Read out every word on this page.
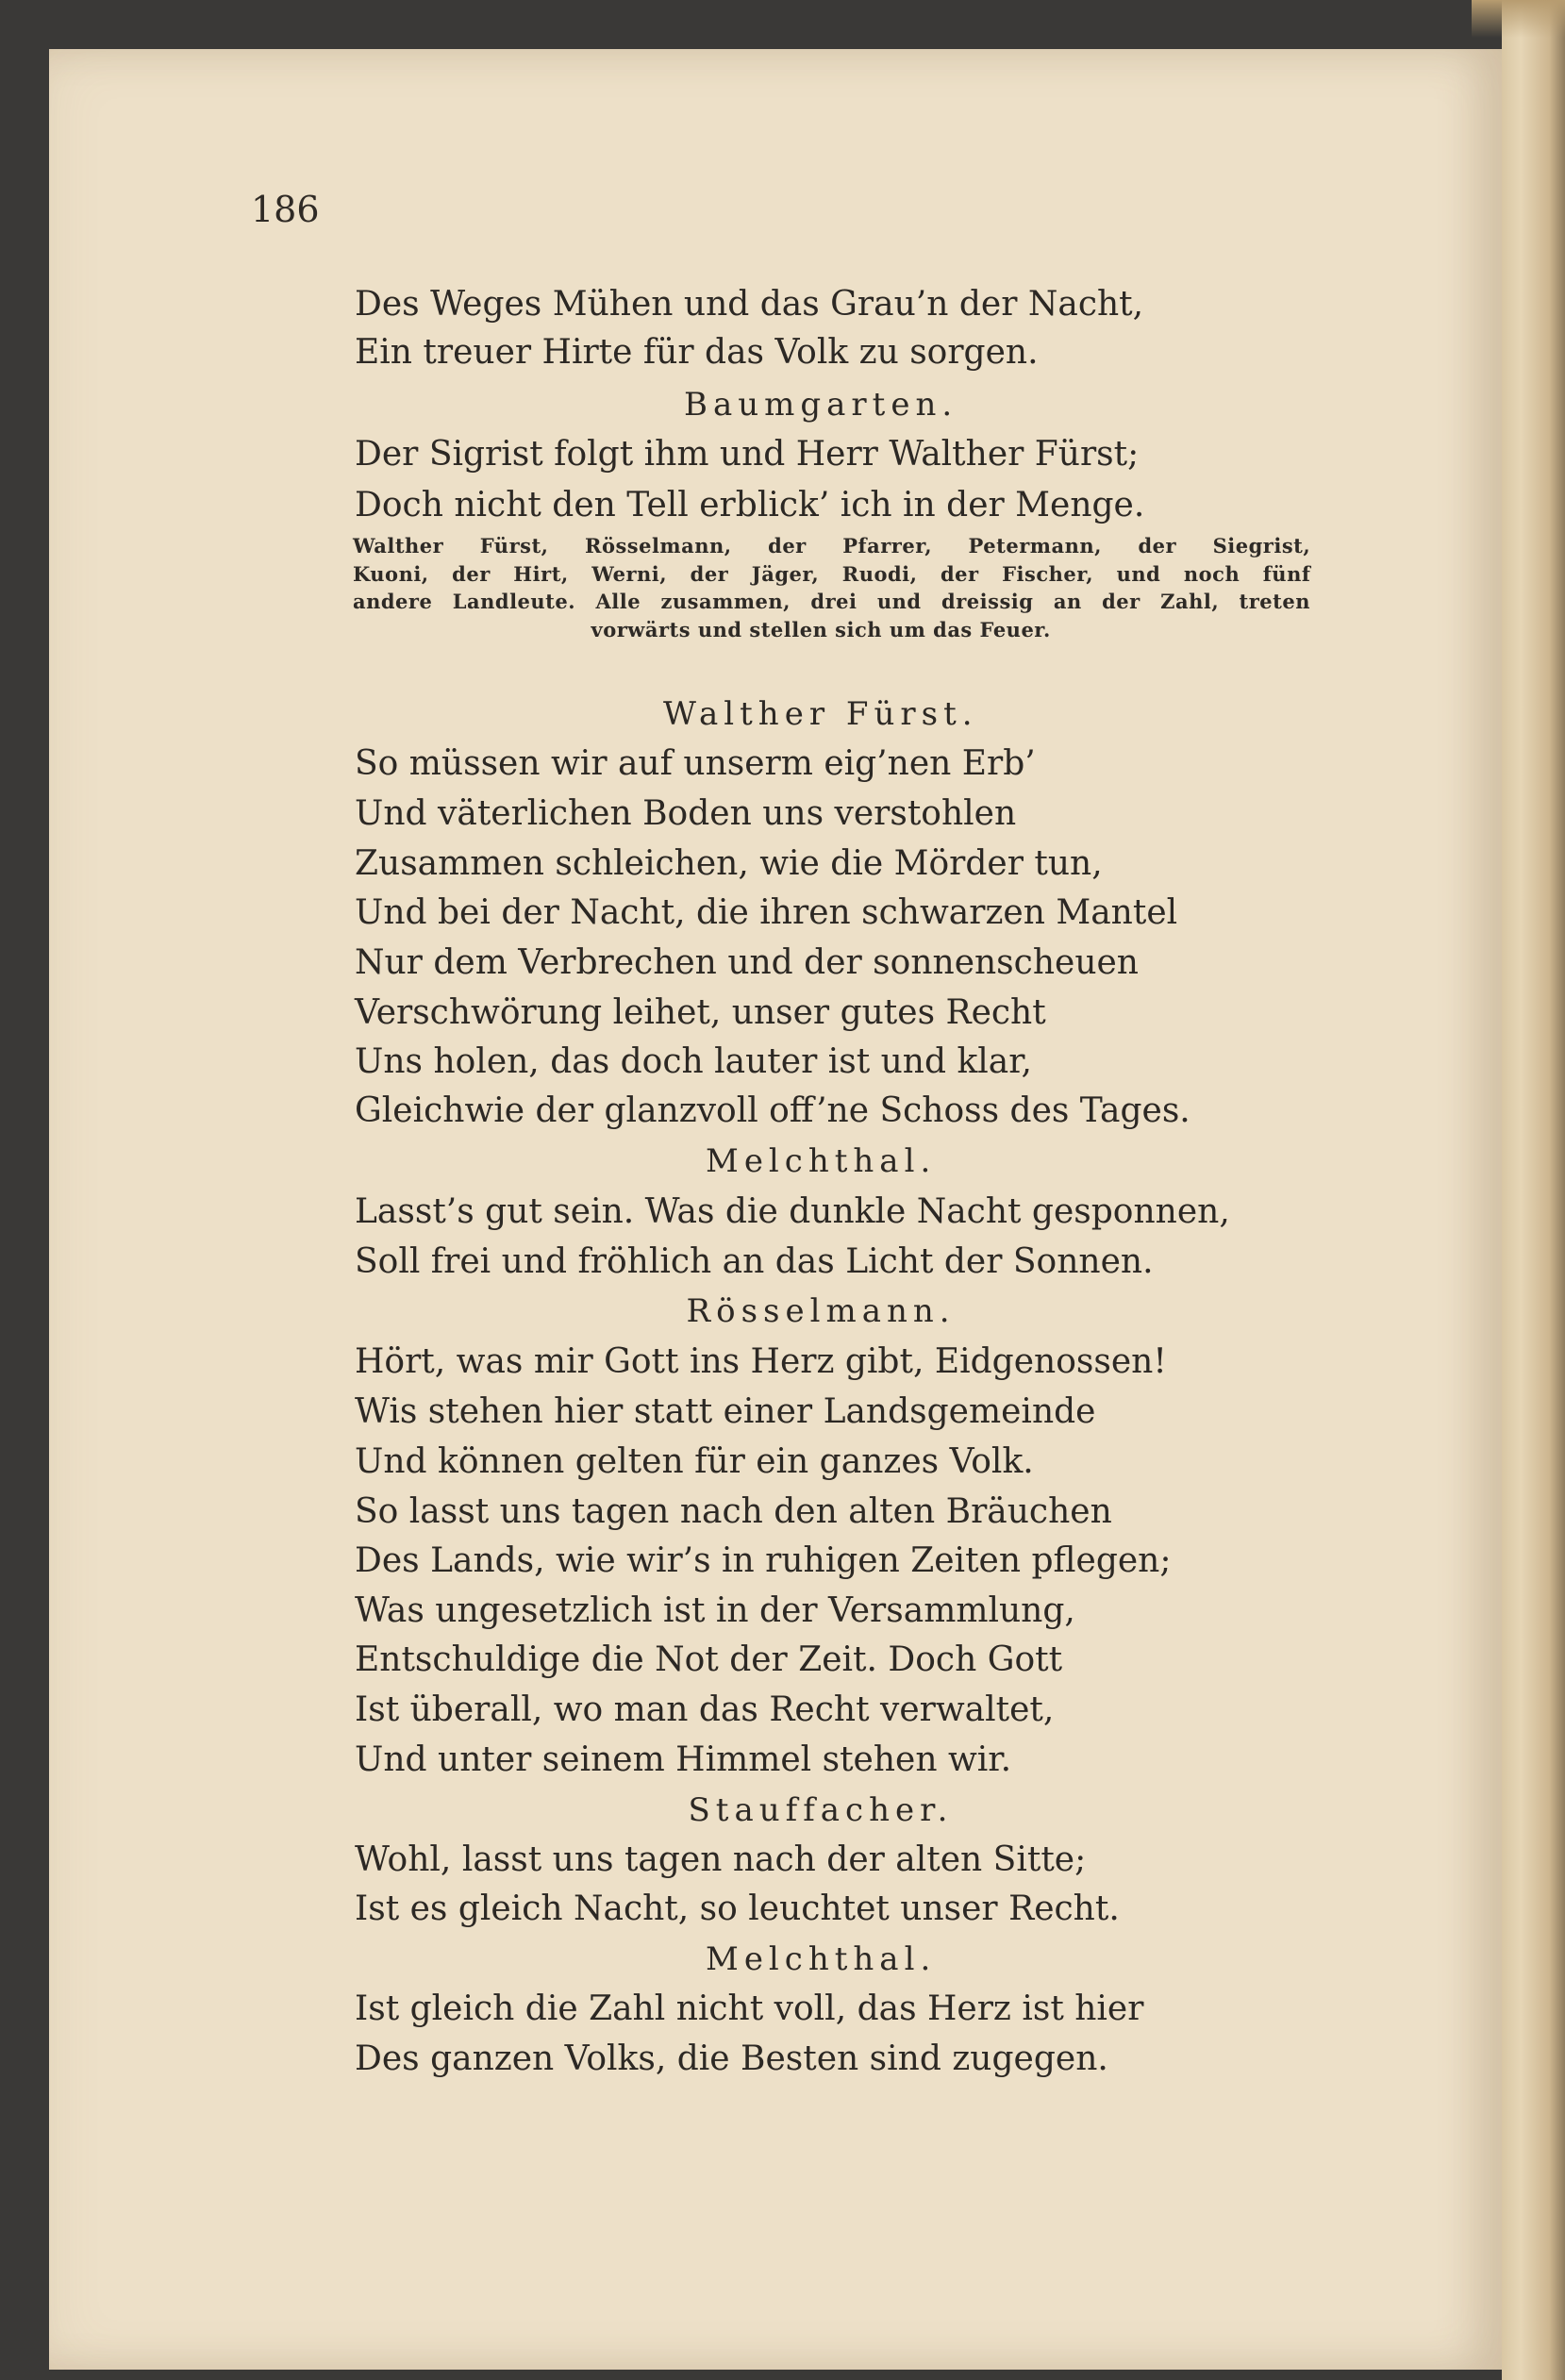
186
Des Weges Mühen und das Grau’n der Nacht,
Ein treuer Hirte für das Volk zu sorgen.
Baumgarten.
Der Sigrist folgt ihm und Herr Walther Fürst;
Doch nicht den Tell erblick’ ich in der Menge.
Walther Fürst, Rösselmann, der Pfarrer, Petermann, der Siegrist,
Kuoni, der Hirt, Werni, der Jäger, Ruodi, der Fischer, und noch fünf
andere Landleute. Alle zusammen, drei und dreissig an der Zahl, treten
vorwärts und stellen sich um das Feuer.
Walther Fürst.
So müssen wir auf unserm eig’nen Erb’
Und väterlichen Boden uns verstohlen
Zusammen schleichen, wie die Mörder tun,
Und bei der Nacht, die ihren schwarzen Mantel
Nur dem Verbrechen und der sonnenscheuen
Verschwörung leihet, unser gutes Recht
Uns holen, das doch lauter ist und klar,
Gleichwie der glanzvoll off’ne Schoss des Tages.
Melchthal.
Lasst’s gut sein. Was die dunkle Nacht gesponnen,
Soll frei und fröhlich an das Licht der Sonnen.
Rösselmann.
Hört, was mir Gott ins Herz gibt, Eidgenossen!
Wis stehen hier statt einer Landsgemeinde
Und können gelten für ein ganzes Volk.
So lasst uns tagen nach den alten Bräuchen
Des Lands, wie wir’s in ruhigen Zeiten pflegen;
Was ungesetzlich ist in der Versammlung,
Entschuldige die Not der Zeit. Doch Gott
Ist überall, wo man das Recht verwaltet,
Und unter seinem Himmel stehen wir.
Stauffacher.
Wohl, lasst uns tagen nach der alten Sitte;
Ist es gleich Nacht, so leuchtet unser Recht.
Melchthal.
Ist gleich die Zahl nicht voll, das Herz ist hier
Des ganzen Volks, die Besten sind zugegen.
